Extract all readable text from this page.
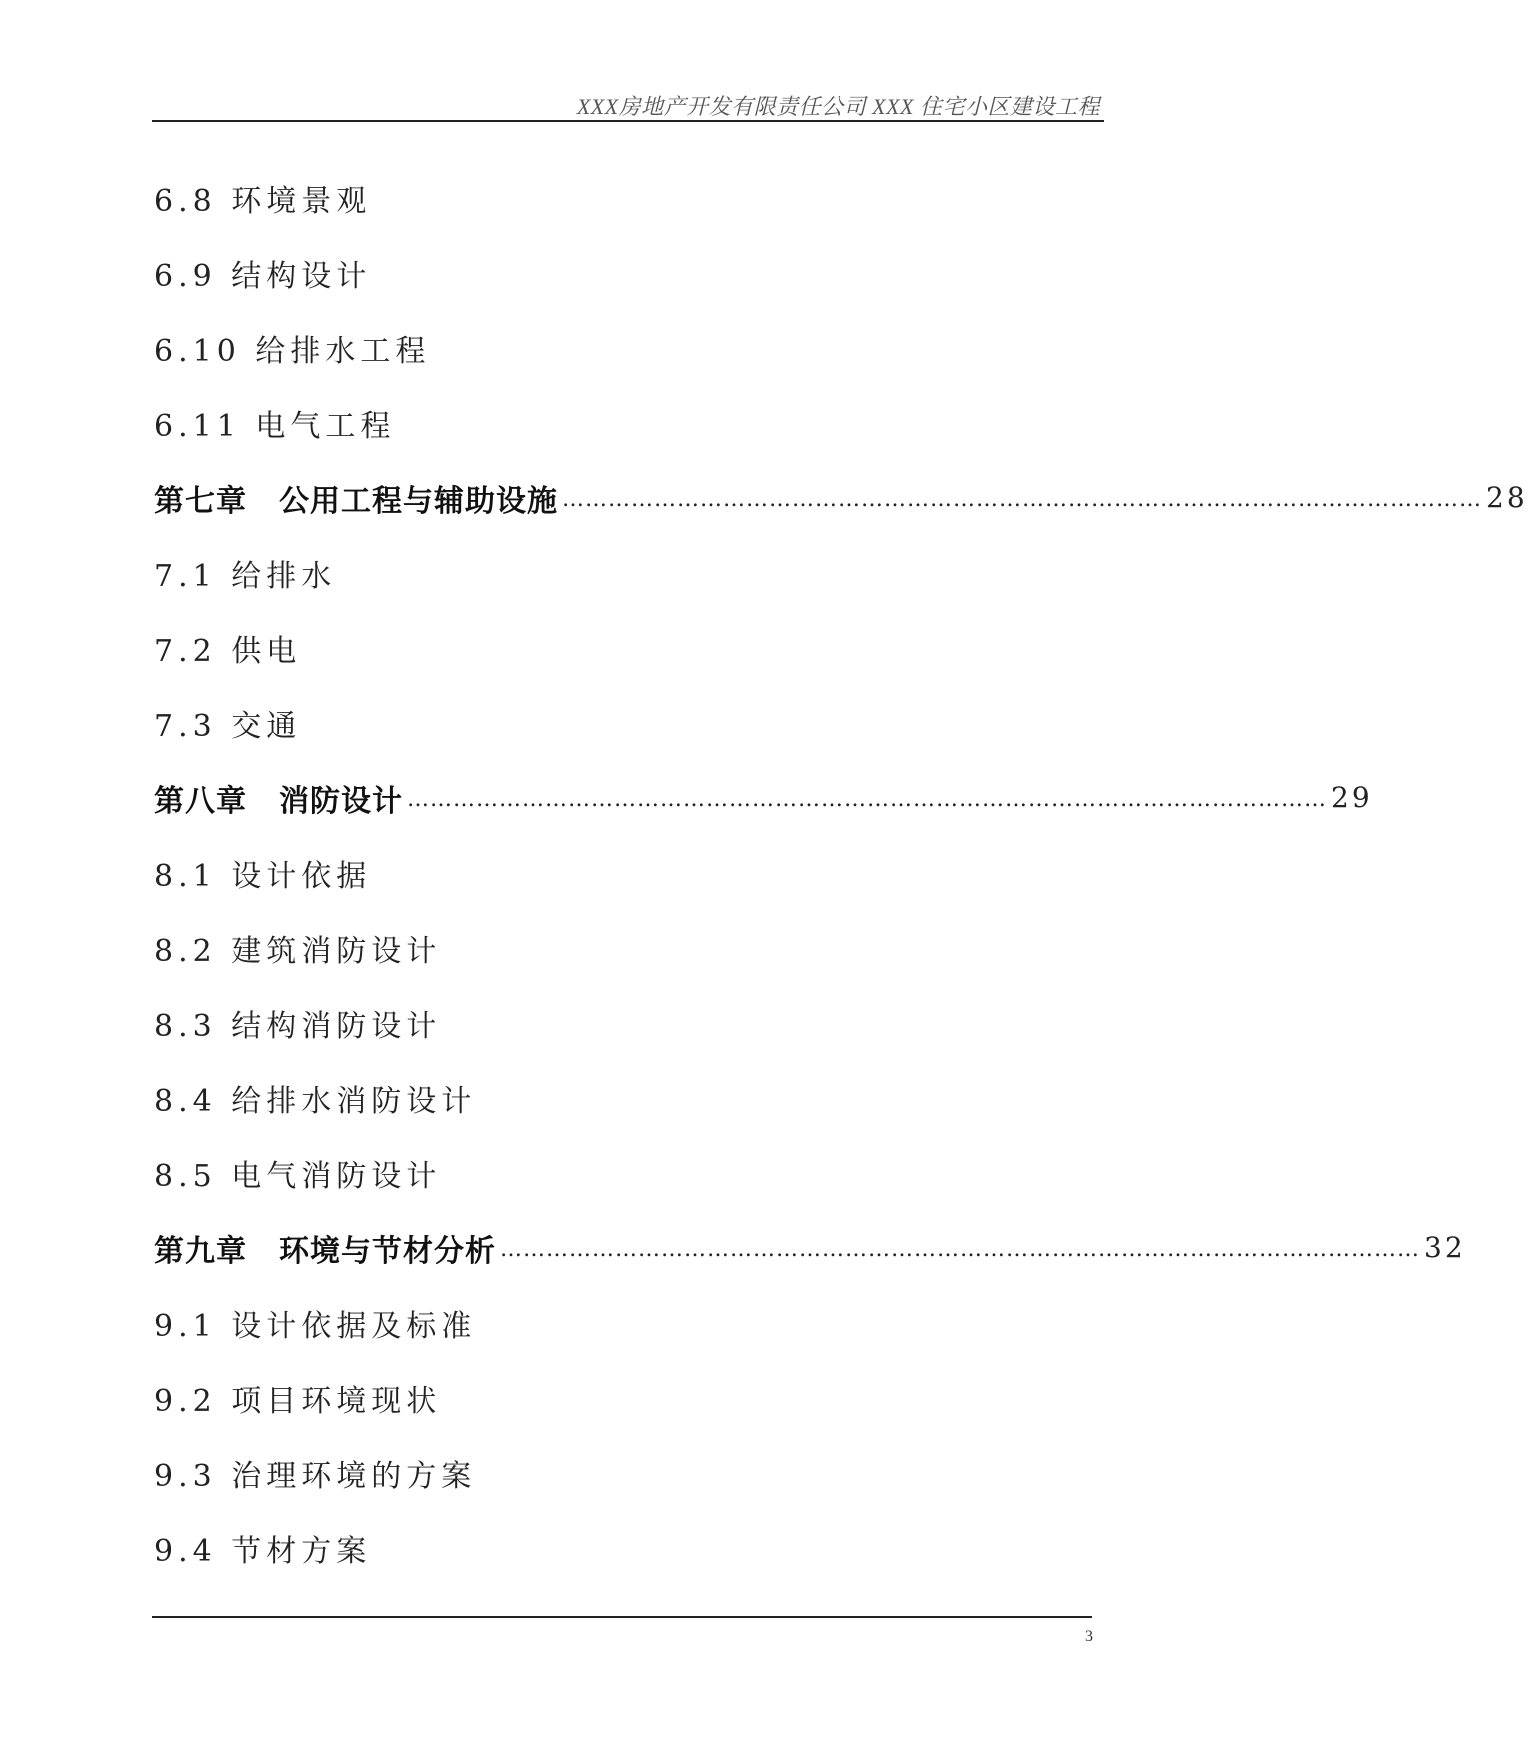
XXX房地产开发有限责任公司 XXX 住宅小区建设工程
6.8 环境景观
6.9 结构设计
6.10 给排水工程
6.11 电气工程
第七章 公用工程与辅助设施 ………………………………………………………………………………………………………… 28
7.1 给排水
7.2 供电
7.3 交通
第八章 消防设计 ………………………………………………………………………………………………………… 29
8.1 设计依据
8.2 建筑消防设计
8.3 结构消防设计
8.4 给排水消防设计
8.5 电气消防设计
第九章 环境与节材分析 ………………………………………………………………………………………………………… 32
9.1 设计依据及标准
9.2 项目环境现状
9.3 治理环境的方案
9.4 节材方案
3
